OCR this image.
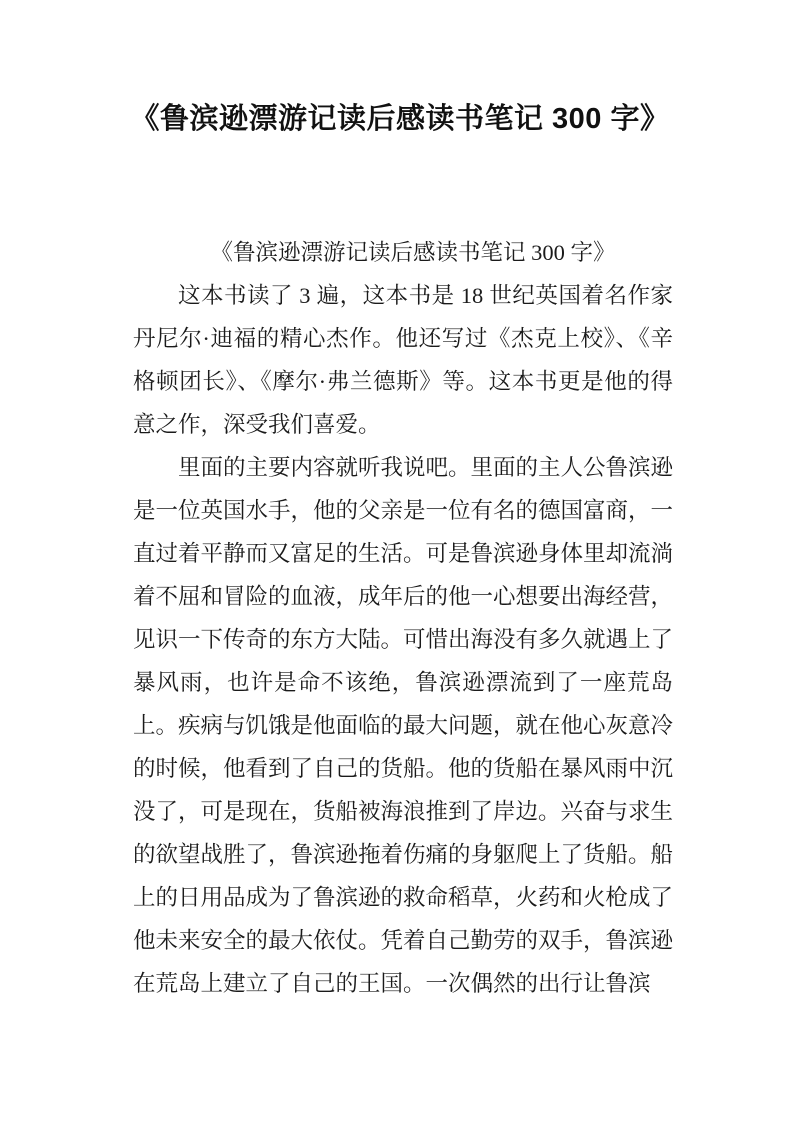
《鲁滨逊漂游记读后感读书笔记 300 字》
《鲁滨逊漂游记读后感读书笔记 300 字》

这本书读了 3 遍，这本书是 18 世纪英国着名作家丹尼尔·迪福的精心杰作。他还写过《杰克上校》、《辛格顿团长》、《摩尔·弗兰德斯》等。这本书更是他的得意之作，深受我们喜爱。

里面的主要内容就听我说吧。里面的主人公鲁滨逊是一位英国水手，他的父亲是一位有名的德国富商，一直过着平静而又富足的生活。可是鲁滨逊身体里却流淌着不屈和冒险的血液，成年后的他一心想要出海经营，见识一下传奇的东方大陆。可惜出海没有多久就遇上了暴风雨，也许是命不该绝，鲁滨逊漂流到了一座荒岛上。疾病与饥饿是他面临的最大问题，就在他心灰意冷的时候，他看到了自己的货船。他的货船在暴风雨中沉没了，可是现在，货船被海浪推到了岸边。兴奋与求生的欲望战胜了，鲁滨逊拖着伤痛的身躯爬上了货船。船上的日用品成为了鲁滨逊的救命稻草，火药和火枪成了他未来安全的最大依仗。凭着自己勤劳的双手，鲁滨逊在荒岛上建立了自己的王国。一次偶然的出行让鲁滨
